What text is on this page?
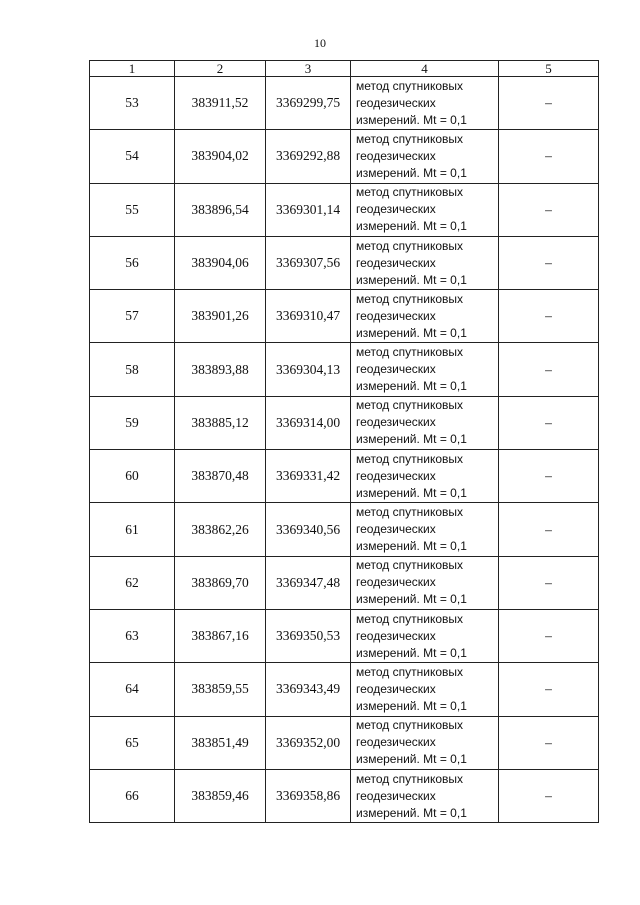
10
1	2	3	4	5
53	383911,52	3369299,75	метод спутниковых
геодезических
измерений. Mt = 0,1	–
54	383904,02	3369292,88	метод спутниковых
геодезических
измерений. Mt = 0,1	–
55	383896,54	3369301,14	метод спутниковых
геодезических
измерений. Mt = 0,1	–
56	383904,06	3369307,56	метод спутниковых
геодезических
измерений. Mt = 0,1	–
57	383901,26	3369310,47	метод спутниковых
геодезических
измерений. Mt = 0,1	–
58	383893,88	3369304,13	метод спутниковых
геодезических
измерений. Mt = 0,1	–
59	383885,12	3369314,00	метод спутниковых
геодезических
измерений. Mt = 0,1	–
60	383870,48	3369331,42	метод спутниковых
геодезических
измерений. Mt = 0,1	–
61	383862,26	3369340,56	метод спутниковых
геодезических
измерений. Mt = 0,1	–
62	383869,70	3369347,48	метод спутниковых
геодезических
измерений. Mt = 0,1	–
63	383867,16	3369350,53	метод спутниковых
геодезических
измерений. Mt = 0,1	–
64	383859,55	3369343,49	метод спутниковых
геодезических
измерений. Mt = 0,1	–
65	383851,49	3369352,00	метод спутниковых
геодезических
измерений. Mt = 0,1	–
66	383859,46	3369358,86	метод спутниковых
геодезических
измерений. Mt = 0,1	–
